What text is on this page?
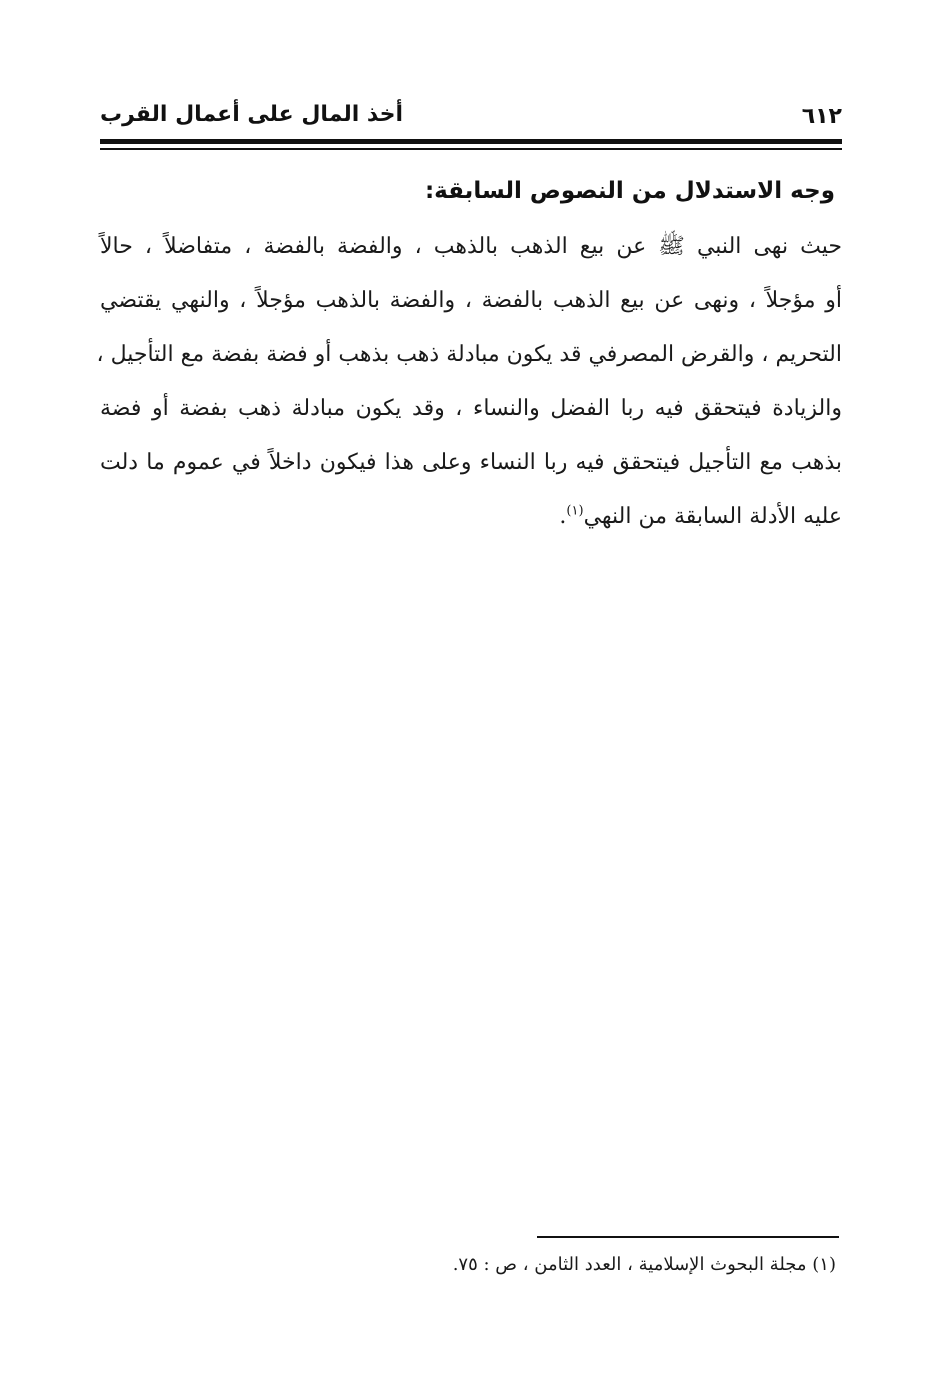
٦١٢
أخذ المال على أعمال القرب
وجه الاستدلال من النصوص السابقة:
حيث نهى النبي ﷺ عن بيع الذهب بالذهب ، والفضة بالفضة ، متفاضلاً ، حالاً
أو مؤجلاً ، ونهى عن بيع الذهب بالفضة ، والفضة بالذهب مؤجلاً ، والنهي يقتضي
التحريم ، والقرض المصرفي قد يكون مبادلة ذهب بذهب أو فضة بفضة مع التأجيل ،
والزيادة فيتحقق فيه ربا الفضل والنساء ، وقد يكون مبادلة ذهب بفضة أو فضة
بذهب مع التأجيل فيتحقق فيه ربا النساء وعلى هذا فيكون داخلاً في عموم ما دلت
عليه الأدلة السابقة من النهي$^{(١)}$.
(١) مجلة البحوث الإسلامية ، العدد الثامن ، ص : ٧٥.
